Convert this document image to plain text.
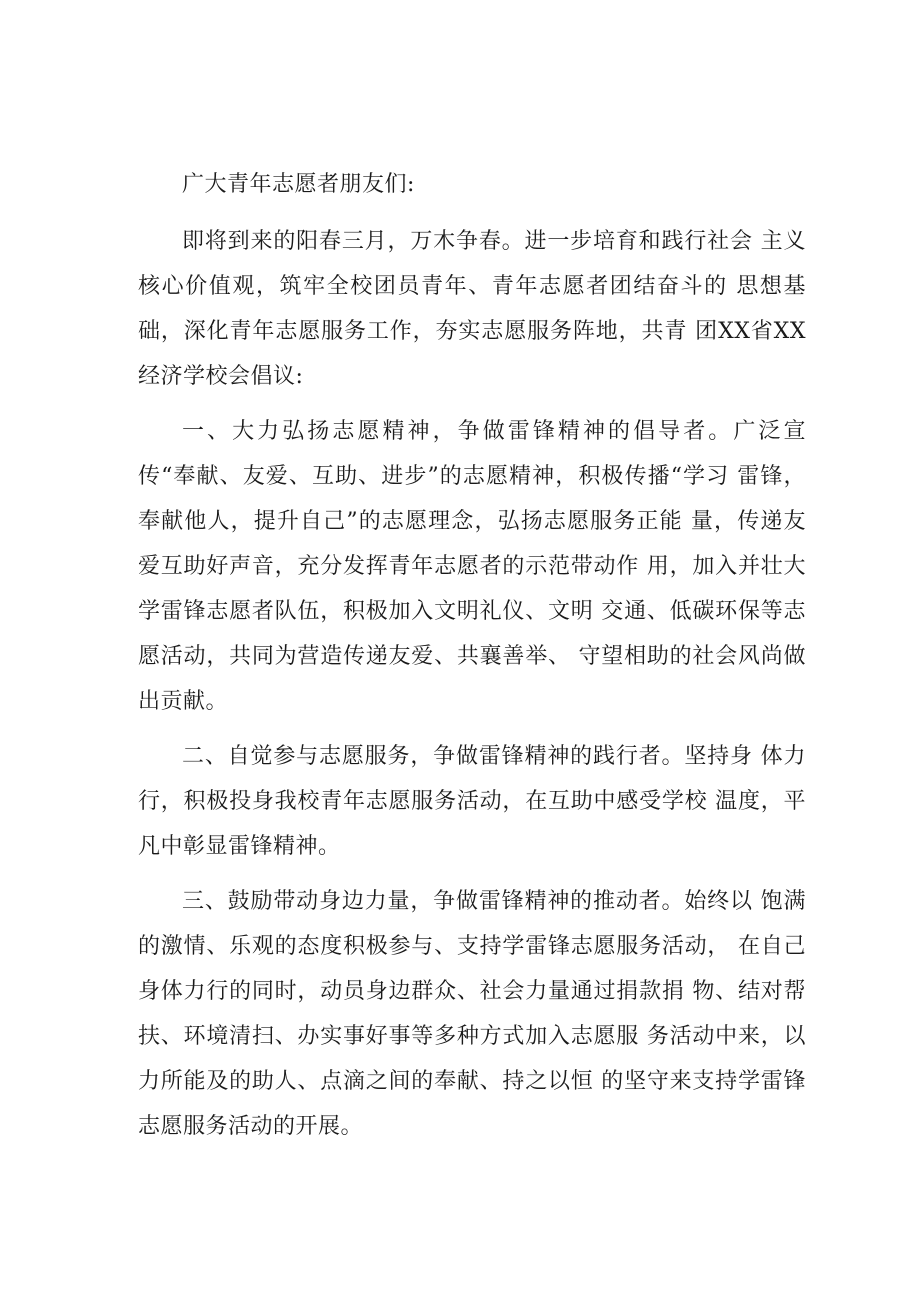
广大青年志愿者朋友们:

即将到来的阳春三月，万木争春。进一步培育和践行社会 主义核心价值观，筑牢全校团员青年、青年志愿者团结奋斗的 思想基础，深化青年志愿服务工作，夯实志愿服务阵地，共青 团XX省XX经济学校会倡议:

一、大力弘扬志愿精神，争做雷锋精神的倡导者。广泛宣 传“奉献、友爱、互助、进步”的志愿精神，积极传播“学习 雷锋，奉献他人，提升自己”的志愿理念，弘扬志愿服务正能 量，传递友爱互助好声音，充分发挥青年志愿者的示范带动作 用，加入并壮大学雷锋志愿者队伍，积极加入文明礼仪、文明 交通、低碳环保等志愿活动，共同为营造传递友爱、共襄善举、 守望相助的社会风尚做出贡献。

二、自觉参与志愿服务，争做雷锋精神的践行者。坚持身 体力行，积极投身我校青年志愿服务活动，在互助中感受学校 温度，平凡中彰显雷锋精神。

三、鼓励带动身边力量，争做雷锋精神的推动者。始终以 饱满的激情、乐观的态度积极参与、支持学雷锋志愿服务活动， 在自己身体力行的同时，动员身边群众、社会力量通过捐款捐 物、结对帮扶、环境清扫、办实事好事等多种方式加入志愿服 务活动中来，以力所能及的助人、点滴之间的奉献、持之以恒 的坚守来支持学雷锋志愿服务活动的开展。
